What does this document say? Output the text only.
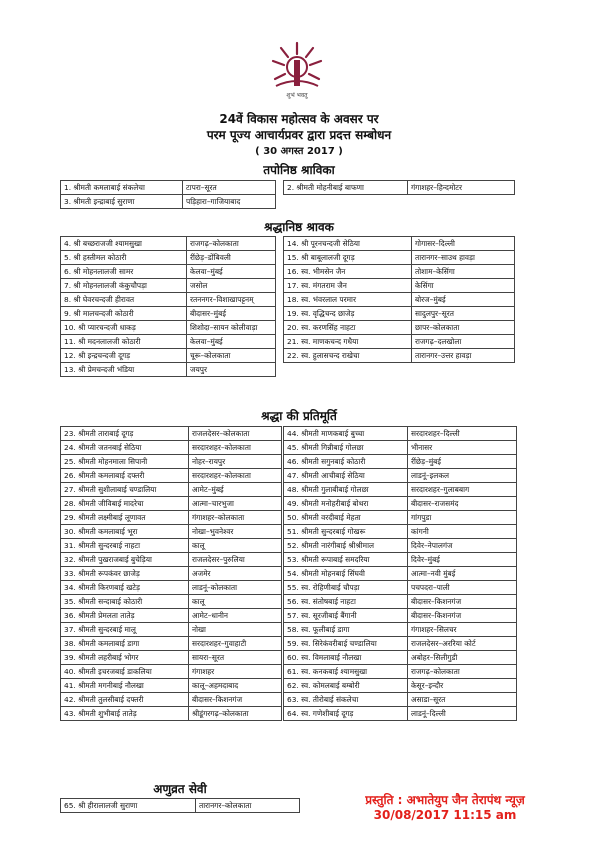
शुभं भवतु
24वें विकास महोत्सव के अवसर पर
परम पूज्य आचार्यप्रवर द्वारा प्रदत्त सम्बोधन
( 30 अगस्त 2017 )
तपोनिष्ठ श्राविका
1. श्रीमती कमलाबाई संकलेचा	टापरा–सूरत
3. श्रीमती इन्द्राबाई सुराणा	पड़िहारा–गाजियाबाद
2. श्रीमती मोहनीबाई बाफणा	गंगाशहर–हिन्दमोटर
श्रद्धानिष्ठ श्रावक
4. श्री बच्छराजजी श्यामसुखा	राजगढ़–कोलकाता
5. श्री हस्तीमल कोठारी	रींछेड़–डोंबिवली
6. श्री मोहनलालजी सामर	केलवा–मुंबई
7. श्री मोहनलालजी कंकुचौपड़ा	जसोल
8. श्री घेवरचन्दजी हीरावत	रतननगर–विशाखापट्टनम्
9. श्री मालचन्दजी कोठारी	बीदासर–मुंबई
10. श्री प्यारचन्दजी धाकड़	शिशोदा–सायन कोलीवाड़ा
11. श्री मदनलालजी कोठारी	केलवा–मुंबई
12. श्री इन्द्रचन्दजी दूगड़	चूरू–कोलकाता
13. श्री प्रेमचन्दजी भंडिया	जयपुर
14. श्री पूरनचन्दजी सेठिया	गोगासर–दिल्ली
15. श्री बाबूलालजी दूगड़	तारानगर–साउथ हावड़ा
16. स्व. भीमसेन जैन	तोशाम–केसिंगा
17. स्व. मंगतराम जैन	केसिंगा
18. स्व. भंवरलाल परमार	बोरज–मुंबई
19. स्व. वृद्धिचन्द छाजेड़	सादुलपुर–सूरत
20. स्व. करणसिंह नाहटा	छापर–कोलकाता
21. स्व. माणकचन्द गधैया	राजगढ़–दलखोला
22. स्व. हुलासचन्द राखेचा	तारानगर–उत्तर हावड़ा
श्रद्धा की प्रतिमूर्ति
23. श्रीमती ताराबाई दूगड़	राजलदेसर–कोलकाता
24. श्रीमती जतनबाई सेठिया	सरदारशहर–कोलकाता
25. श्रीमती मोहनमाला सिपानी	नोहर–रायपुर
26. श्रीमती कमलाबाई दफ्तरी	सरदारशहर–कोलकाता
27. श्रीमती सुशीलाबाई चण्डालिया	आमेट–मुंबई
28. श्रीमती जीविबाई मादरेचा	आत्मा–चारभुजा
29. श्रीमती लक्ष्मीबाई लूणावत	गंगाशहर–कोलकाता
30. श्रीमती कमलाबाई भूरा	नोखा–भुवनेश्वर
31. श्रीमती सुन्दरबाई नाहटा	कालू
32. श्रीमती पुखराजबाई बुचेड़िया	राजलदेसर–पुरुलिया
33. श्रीमती रूपकंवर छाजेड़	अजमेर
34. श्रीमती किरणबाई खटेड़	लाडनूं–कोलकाता
35. श्रीमती सन्दाबाई कोठारी	कालू
36. श्रीमती प्रेमलता तातेड़	आमेट–धानीन
37. श्रीमती सुन्दरबाई मालू	नोखा
38. श्रीमती कमलाबाई डागा	सरदारशहर–गुवाहाटी
39. श्रीमती लहरीबाई भोगर	सायरा–सूरत
40. श्रीमती इचरजबाई डाकलिया	गंगाशहर
41. श्रीमती मगनीबाई नौलखा	कालू–अहमदाबाद
42. श्रीमती तुलसीबाई दफ्तरी	बीदासर–किशनगंज
43. श्रीमती शुभीबाई तातेड़	श्रीडूंगरगढ़–कोलकाता
44. श्रीमती माणकबाई बुच्चा	सरदारशहर–दिल्ली
45. श्रीमती गिन्नीबाई गोलछा	भीनासर
46. श्रीमती सगुनबाई कोठारी	रींछेड़–मुंबई
47. श्रीमती आचीबाई सेठिया	लाडनूं–इलकल
48. श्रीमती गुलाबीबाई गोलछा	सरदारशहर–गुलाबबाग
49. श्रीमती मनोहरीबाई बोथरा	बीदासर–राजसमंद
50. श्रीमती वरदीबाई मेहता	गांगपुडा
51. श्रीमती सुन्दरबाई गोखरू	कांगनी
52. श्रीमती नारंगीबाई श्रीश्रीमाल	दिवेर–नेपालगंज
53. श्रीमती रूपाबाई समदरिया	दिवेर–मुंबई
54. श्रीमती मोहनबाई सिंघवी	आत्मा–नवी मुंबई
55. स्व. रोहिणीबाई चौपड़ा	पचपदरा–पाली
56. स्व. संतोषबाई नाहटा	बीदासर–किशनगंज
57. स्व. सूरजीबाई बैंगानी	बीदासर–किशनगंज
58. स्व. फूलीबाई डागा	गंगाशहर–सिलचर
59. स्व. सिरेकंवरीबाई चण्डालिया	राजलदेसर–अररिया कोर्ट
60. स्व. विमलाबाई नौलखा	अबोहर–सिलीगुडी
61. स्व. कनकबाई श्यामसुखा	राजगढ़–कोलकाता
62. स्व. कोमलबाई बम्बोरी	केसूर–इन्दौर
63. स्व. तीरोबाई संकलेचा	असाडा–सूरत
64. स्व. गणेशीबाई दूगड़	लाडनूं–दिल्ली
अणुव्रत सेवी
65. श्री हीरालालजी सुराणा	तारानगर–कोलकाता	प्रस्तुति : अभातेयुप जैन तेरापंथ न्यूज़
30/08/2017 11:15 am
